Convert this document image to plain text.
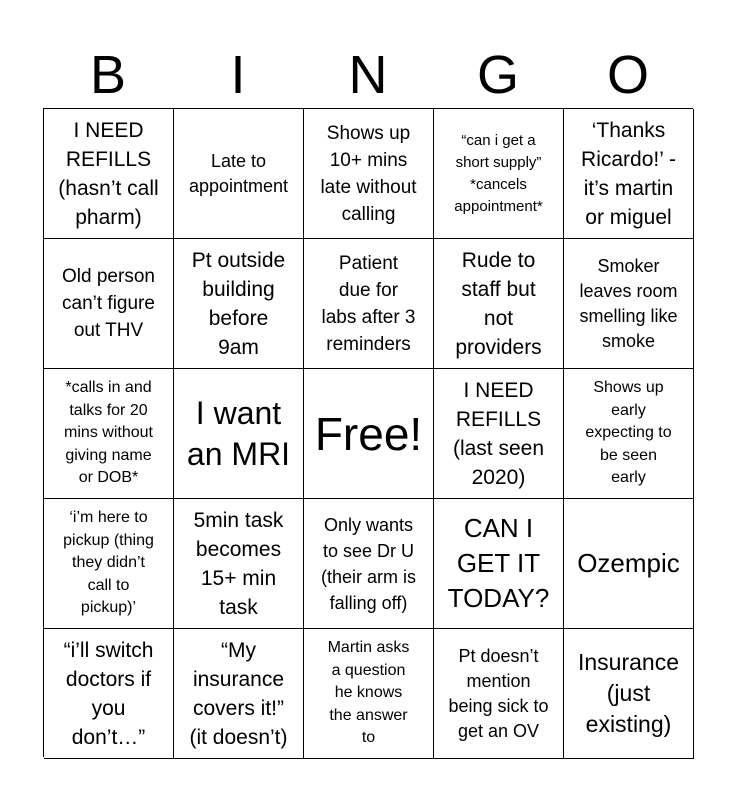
B	I	N	G	O
I NEED
REFILLS
(hasn’t call
pharm)
Late to
appointment
Shows up
10+ mins
late without
calling
“can i get a
short supply”
*cancels
appointment*
‘Thanks
Ricardo!’ -
it’s martin
or miguel
Old person
can’t figure
out THV
Pt outside
building
before
9am
Patient
due for
labs after 3
reminders
Rude to
staff but
not
providers
Smoker
leaves room
smelling like
smoke
*calls in and
talks for 20
mins without
giving name
or DOB*
I want
an MRI Free!
I NEED
REFILLS
(last seen
2020)
Shows up
early
expecting to
be seen
early
‘i’m here to
pickup (thing
they didn’t
call to
pickup)’
5min task
becomes
15+ min
task
Only wants
to see Dr U
(their arm is
falling off)
CAN I
GET IT
TODAY?
Ozempic
“i’ll switch
doctors if
you
don’t…”
“My
insurance
covers it!”
(it doesn’t)
Martin asks
a question
he knows
the answer
to
Pt doesn’t
mention
being sick to
get an OV
Insurance
(just
existing)
